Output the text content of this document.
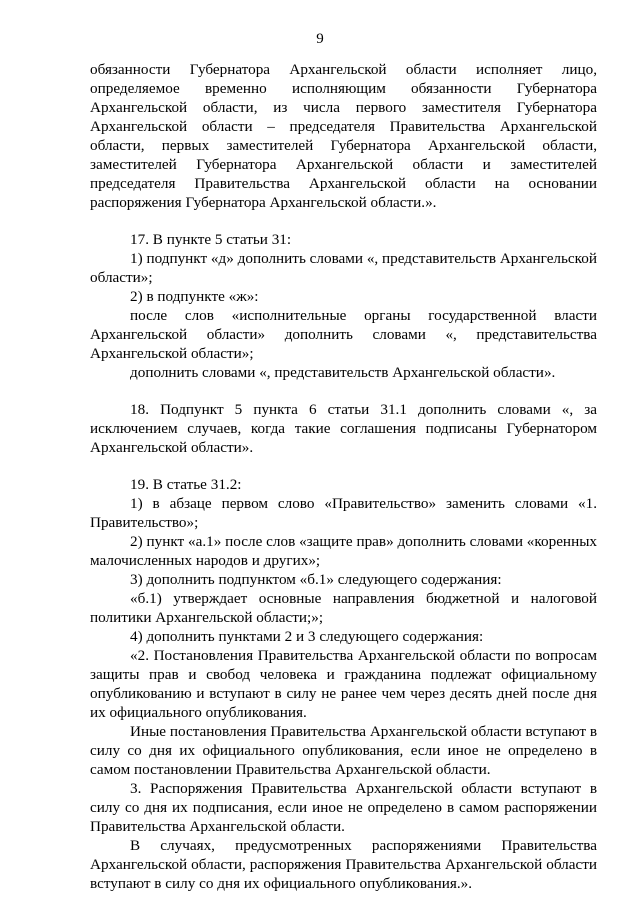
9

обязанности Губернатора Архангельской области исполняет лицо, определяемое временно исполняющим обязанности Губернатора Архангельской области, из числа первого заместителя Губернатора Архангельской области – председателя Правительства Архангельской области, первых заместителей Губернатора Архангельской области, заместителей Губернатора Архангельской области и заместителей председателя Правительства Архангельской области на основании распоряжения Губернатора Архангельской области.».

17. В пункте 5 статьи 31:

1) подпункт «д» дополнить словами «, представительств Архангельской области»;

2) в подпункте «ж»:

после слов «исполнительные органы государственной власти Архангельской области» дополнить словами «, представительства Архангельской области»;

дополнить словами «, представительств Архангельской области».

18. Подпункт 5 пункта 6 статьи 31.1 дополнить словами «, за исключением случаев, когда такие соглашения подписаны Губернатором Архангельской области».

19. В статье 31.2:

1) в абзаце первом слово «Правительство» заменить словами «1. Правительство»;

2) пункт «а.1» после слов «защите прав» дополнить словами «коренных малочисленных народов и других»;

3) дополнить подпунктом «б.1» следующего содержания:

«б.1) утверждает основные направления бюджетной и налоговой политики Архангельской области;»;

4) дополнить пунктами 2 и 3 следующего содержания:

«2. Постановления Правительства Архангельской области по вопросам защиты прав и свобод человека и гражданина подлежат официальному опубликованию и вступают в силу не ранее чем через десять дней после дня их официального опубликования.

Иные постановления Правительства Архангельской области вступают в силу со дня их официального опубликования, если иное не определено в самом постановлении Правительства Архангельской области.

3. Распоряжения Правительства Архангельской области вступают в силу со дня их подписания, если иное не определено в самом распоряжении Правительства Архангельской области.

В случаях, предусмотренных распоряжениями Правительства Архангельской области, распоряжения Правительства Архангельской области вступают в силу со дня их официального опубликования.».
